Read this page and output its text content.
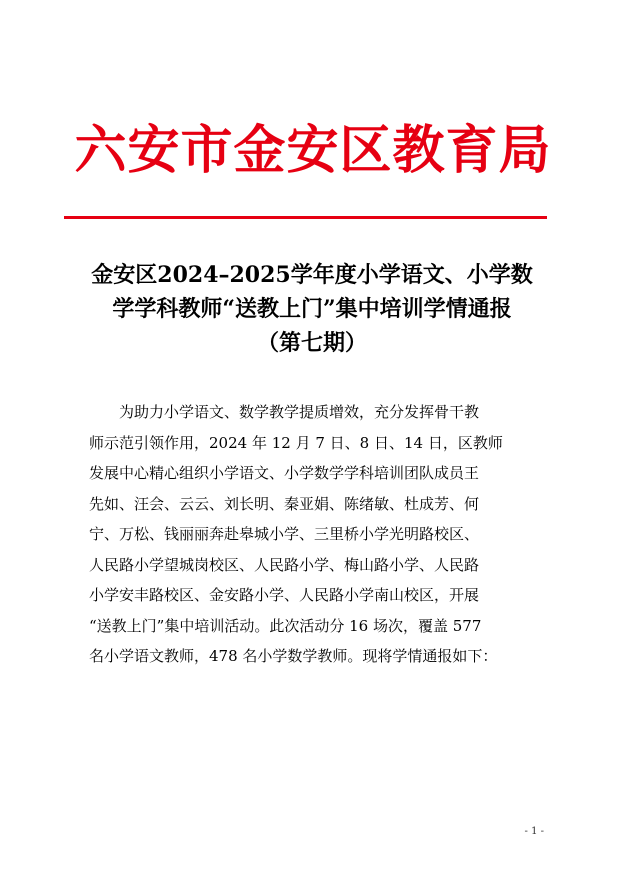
六安市金安区教育局
金安区2024–2025学年度小学语文、小学数
学学科教师“送教上门”集中培训学情通报
（第七期）
为助力小学语文、数学教学提质增效，充分发挥骨干教
师示范引领作用，2024 年 12 月 7 日、8 日、14 日，区教师
发展中心精心组织小学语文、小学数学学科培训团队成员王
先如、汪会、云云、刘长明、秦亚娟、陈绪敏、杜成芳、何
宁、万松、钱丽丽奔赴皋城小学、三里桥小学光明路校区、
人民路小学望城岗校区、人民路小学、梅山路小学、人民路
小学安丰路校区、金安路小学、人民路小学南山校区，开展
“送教上门”集中培训活动。此次活动分 16 场次，覆盖 577
名小学语文教师，478 名小学数学教师。现将学情通报如下：
- 1 -
